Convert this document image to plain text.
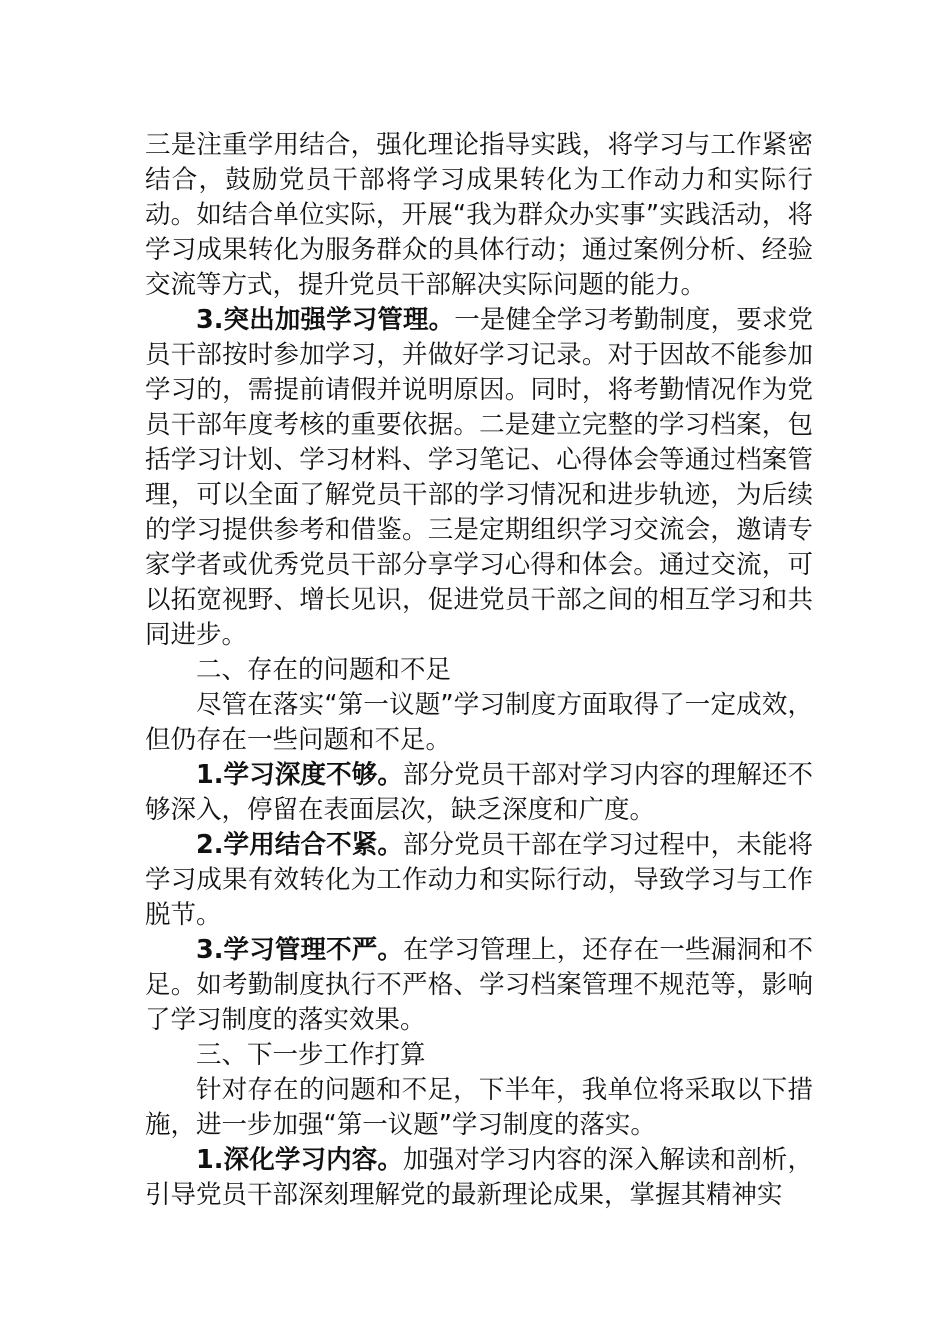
三是注重学用结合，强化理论指导实践，将学习与工作紧密结合，鼓励党员干部将学习成果转化为工作动力和实际行动。如结合单位实际，开展“我为群众办实事”实践活动，将学习成果转化为服务群众的具体行动；通过案例分析、经验交流等方式，提升党员干部解决实际问题的能力。

3.突出加强学习管理。一是健全学习考勤制度，要求党员干部按时参加学习，并做好学习记录。对于因故不能参加学习的，需提前请假并说明原因。同时，将考勤情况作为党员干部年度考核的重要依据。二是建立完整的学习档案，包括学习计划、学习材料、学习笔记、心得体会等通过档案管理，可以全面了解党员干部的学习情况和进步轨迹，为后续的学习提供参考和借鉴。三是定期组织学习交流会，邀请专家学者或优秀党员干部分享学习心得和体会。通过交流，可以拓宽视野、增长见识，促进党员干部之间的相互学习和共同进步。

二、存在的问题和不足

尽管在落实“第一议题”学习制度方面取得了一定成效，但仍存在一些问题和不足。

1.学习深度不够。部分党员干部对学习内容的理解还不够深入，停留在表面层次，缺乏深度和广度。

2.学用结合不紧。部分党员干部在学习过程中，未能将学习成果有效转化为工作动力和实际行动，导致学习与工作脱节。

3.学习管理不严。在学习管理上，还存在一些漏洞和不足。如考勤制度执行不严格、学习档案管理不规范等，影响了学习制度的落实效果。

三、下一步工作打算

针对存在的问题和不足，下半年，我单位将采取以下措施，进一步加强“第一议题”学习制度的落实。

1.深化学习内容。加强对学习内容的深入解读和剖析，引导党员干部深刻理解党的最新理论成果，掌握其精神实
